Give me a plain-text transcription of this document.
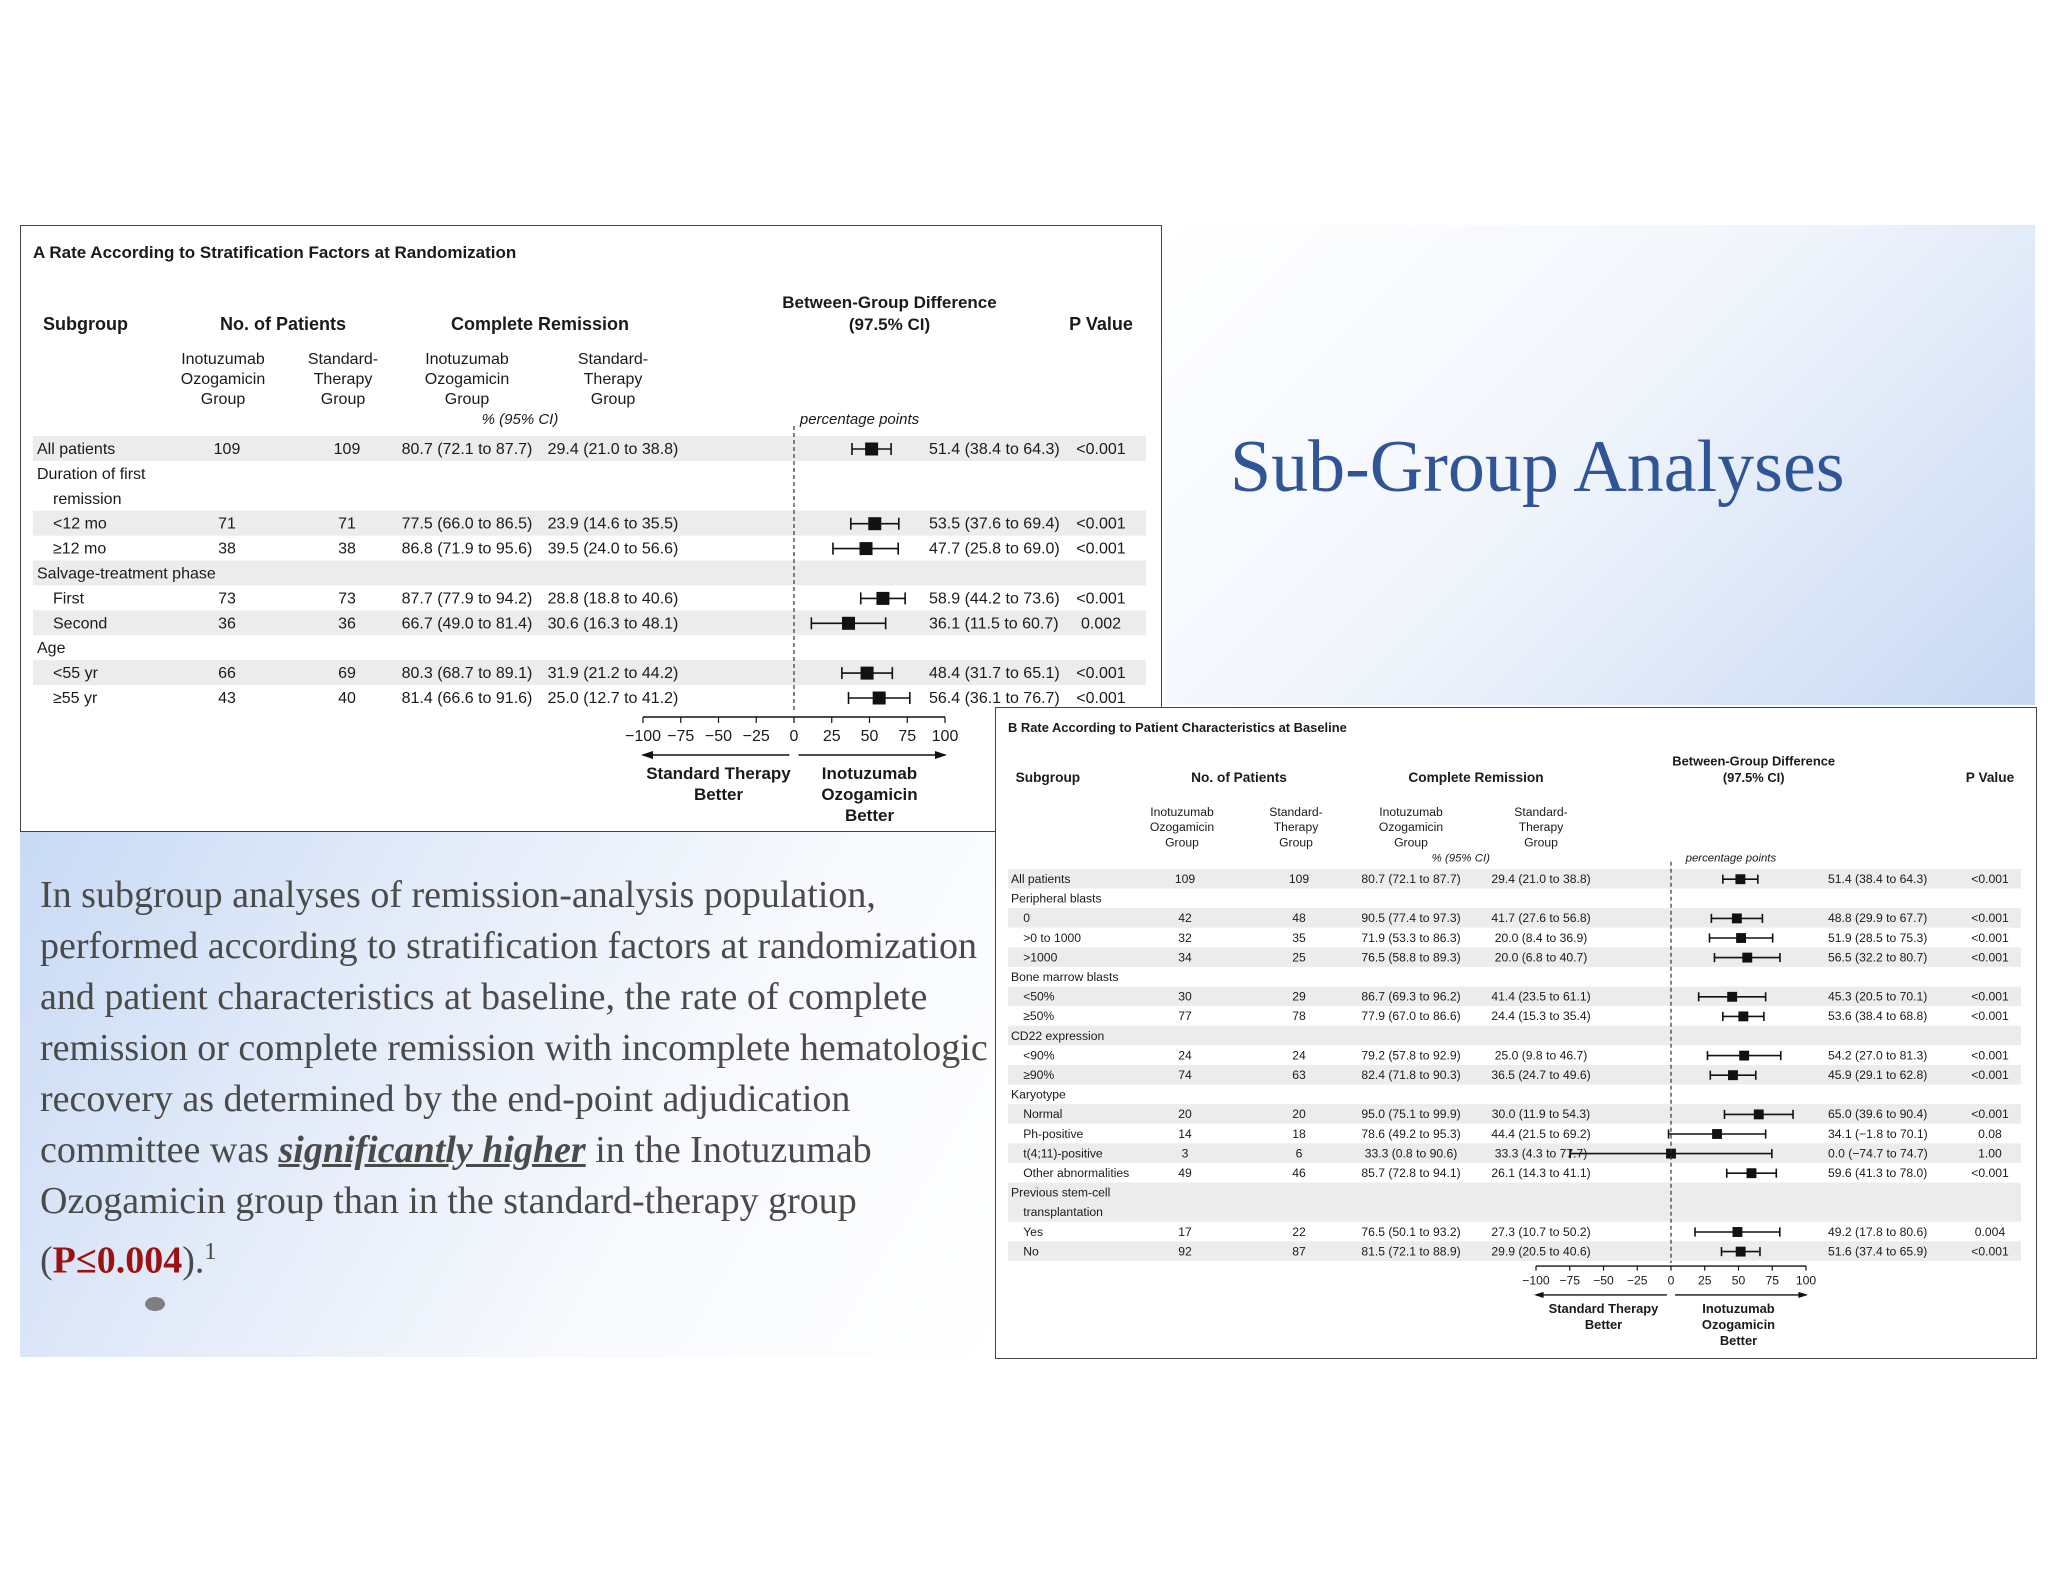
Sub-Group Analyses
A Rate According to Stratification Factors at Randomization
Subgroup	No. of Patients	Complete Remission
Between-Group Difference
(97.5% CI)	P Value
Inotuzumab
Ozogamicin
Group
Standard-
Therapy
Group
Inotuzumab
Ozogamicin
Group
Standard-
Therapy
Group
% (95% CI)	percentage points
All patients	109	109	80.7 (72.1 to 87.7) 29.4 (21.0 to 38.8)	51.4 (38.4 to 64.3) <0.001
Duration of first
remission
<12 mo	71	71	77.5 (66.0 to 86.5) 23.9 (14.6 to 35.5)	53.5 (37.6 to 69.4) <0.001
≥12 mo	38	38	86.8 (71.9 to 95.6) 39.5 (24.0 to 56.6)	47.7 (25.8 to 69.0) <0.001
Salvage-treatment phase
First	73	73	87.7 (77.9 to 94.2) 28.8 (18.8 to 40.6)	58.9 (44.2 to 73.6) <0.001
Second	36	36	66.7 (49.0 to 81.4) 30.6 (16.3 to 48.1)	36.1 (11.5 to 60.7) 0.002
Age
<55 yr	66	69	80.3 (68.7 to 89.1) 31.9 (21.2 to 44.2)	48.4 (31.7 to 65.1) <0.001
≥55 yr	43	40	81.4 (66.6 to 91.6) 25.0 (12.7 to 41.2)	56.4 (36.1 to 76.7) <0.001
−100 −75 −50 −25 0 25 50 75 100
Standard Therapy
Better
Inotuzumab
Ozogamicin
Better
B Rate According to Patient Characteristics at Baseline
Subgroup	No. of Patients	Complete Remission
Between-Group Difference
(97.5% CI)	P Value
Inotuzumab
Ozogamicin
Group
Standard-
Therapy
Group
Inotuzumab
Ozogamicin
Group
Standard-
Therapy
Group
% (95% CI)	percentage points
All patients	109	109	80.7 (72.1 to 87.7)	29.4 (21.0 to 38.8)	51.4 (38.4 to 64.3)	<0.001
Peripheral blasts
0	42	48	90.5 (77.4 to 97.3)	41.7 (27.6 to 56.8)	48.8 (29.9 to 67.7)	<0.001
>0 to 1000	32	35	71.9 (53.3 to 86.3)	20.0 (8.4 to 36.9)	51.9 (28.5 to 75.3)	<0.001
>1000	34	25	76.5 (58.8 to 89.3)	20.0 (6.8 to 40.7)	56.5 (32.2 to 80.7)	<0.001
Bone marrow blasts
<50%	30	29	86.7 (69.3 to 96.2)	41.4 (23.5 to 61.1)	45.3 (20.5 to 70.1)	<0.001
≥50%	77	78	77.9 (67.0 to 86.6)	24.4 (15.3 to 35.4)	53.6 (38.4 to 68.8)	<0.001
CD22 expression
<90%	24	24	79.2 (57.8 to 92.9)	25.0 (9.8 to 46.7)	54.2 (27.0 to 81.3)	<0.001
≥90%	74	63	82.4 (71.8 to 90.3)	36.5 (24.7 to 49.6)	45.9 (29.1 to 62.8)	<0.001
Karyotype
Normal	20	20	95.0 (75.1 to 99.9)	30.0 (11.9 to 54.3)	65.0 (39.6 to 90.4)	<0.001
Ph-positive	14	18	78.6 (49.2 to 95.3)	44.4 (21.5 to 69.2)	34.1 (−1.8 to 70.1)	0.08
t(4;11)-positive	3	6	33.3 (0.8 to 90.6)	33.3 (4.3 to 77.7)	0.0 (−74.7 to 74.7)	1.00
Other abnormalities	49	46	85.7 (72.8 to 94.1)	26.1 (14.3 to 41.1)	59.6 (41.3 to 78.0)	<0.001
Previous stem-cell
transplantation
Yes	17	22	76.5 (50.1 to 93.2)	27.3 (10.7 to 50.2)	49.2 (17.8 to 80.6)	0.004
No	92	87	81.5 (72.1 to 88.9)	29.9 (20.5 to 40.6)	51.6 (37.4 to 65.9)	<0.001
−100 −75 −50 −25 0 25 50 75 100
Standard Therapy
Better
Inotuzumab
Ozogamicin
Better

In subgroup analyses of remission-analysis population, performed according to stratification factors at randomization and patient characteristics at baseline, the rate of complete remission or complete remission with incomplete hematologic recovery as determined by the end-point adjudication committee was significantly higher in the Inotuzumab Ozogamicin group than in the standard-therapy group (P≤0.004).$^1$
